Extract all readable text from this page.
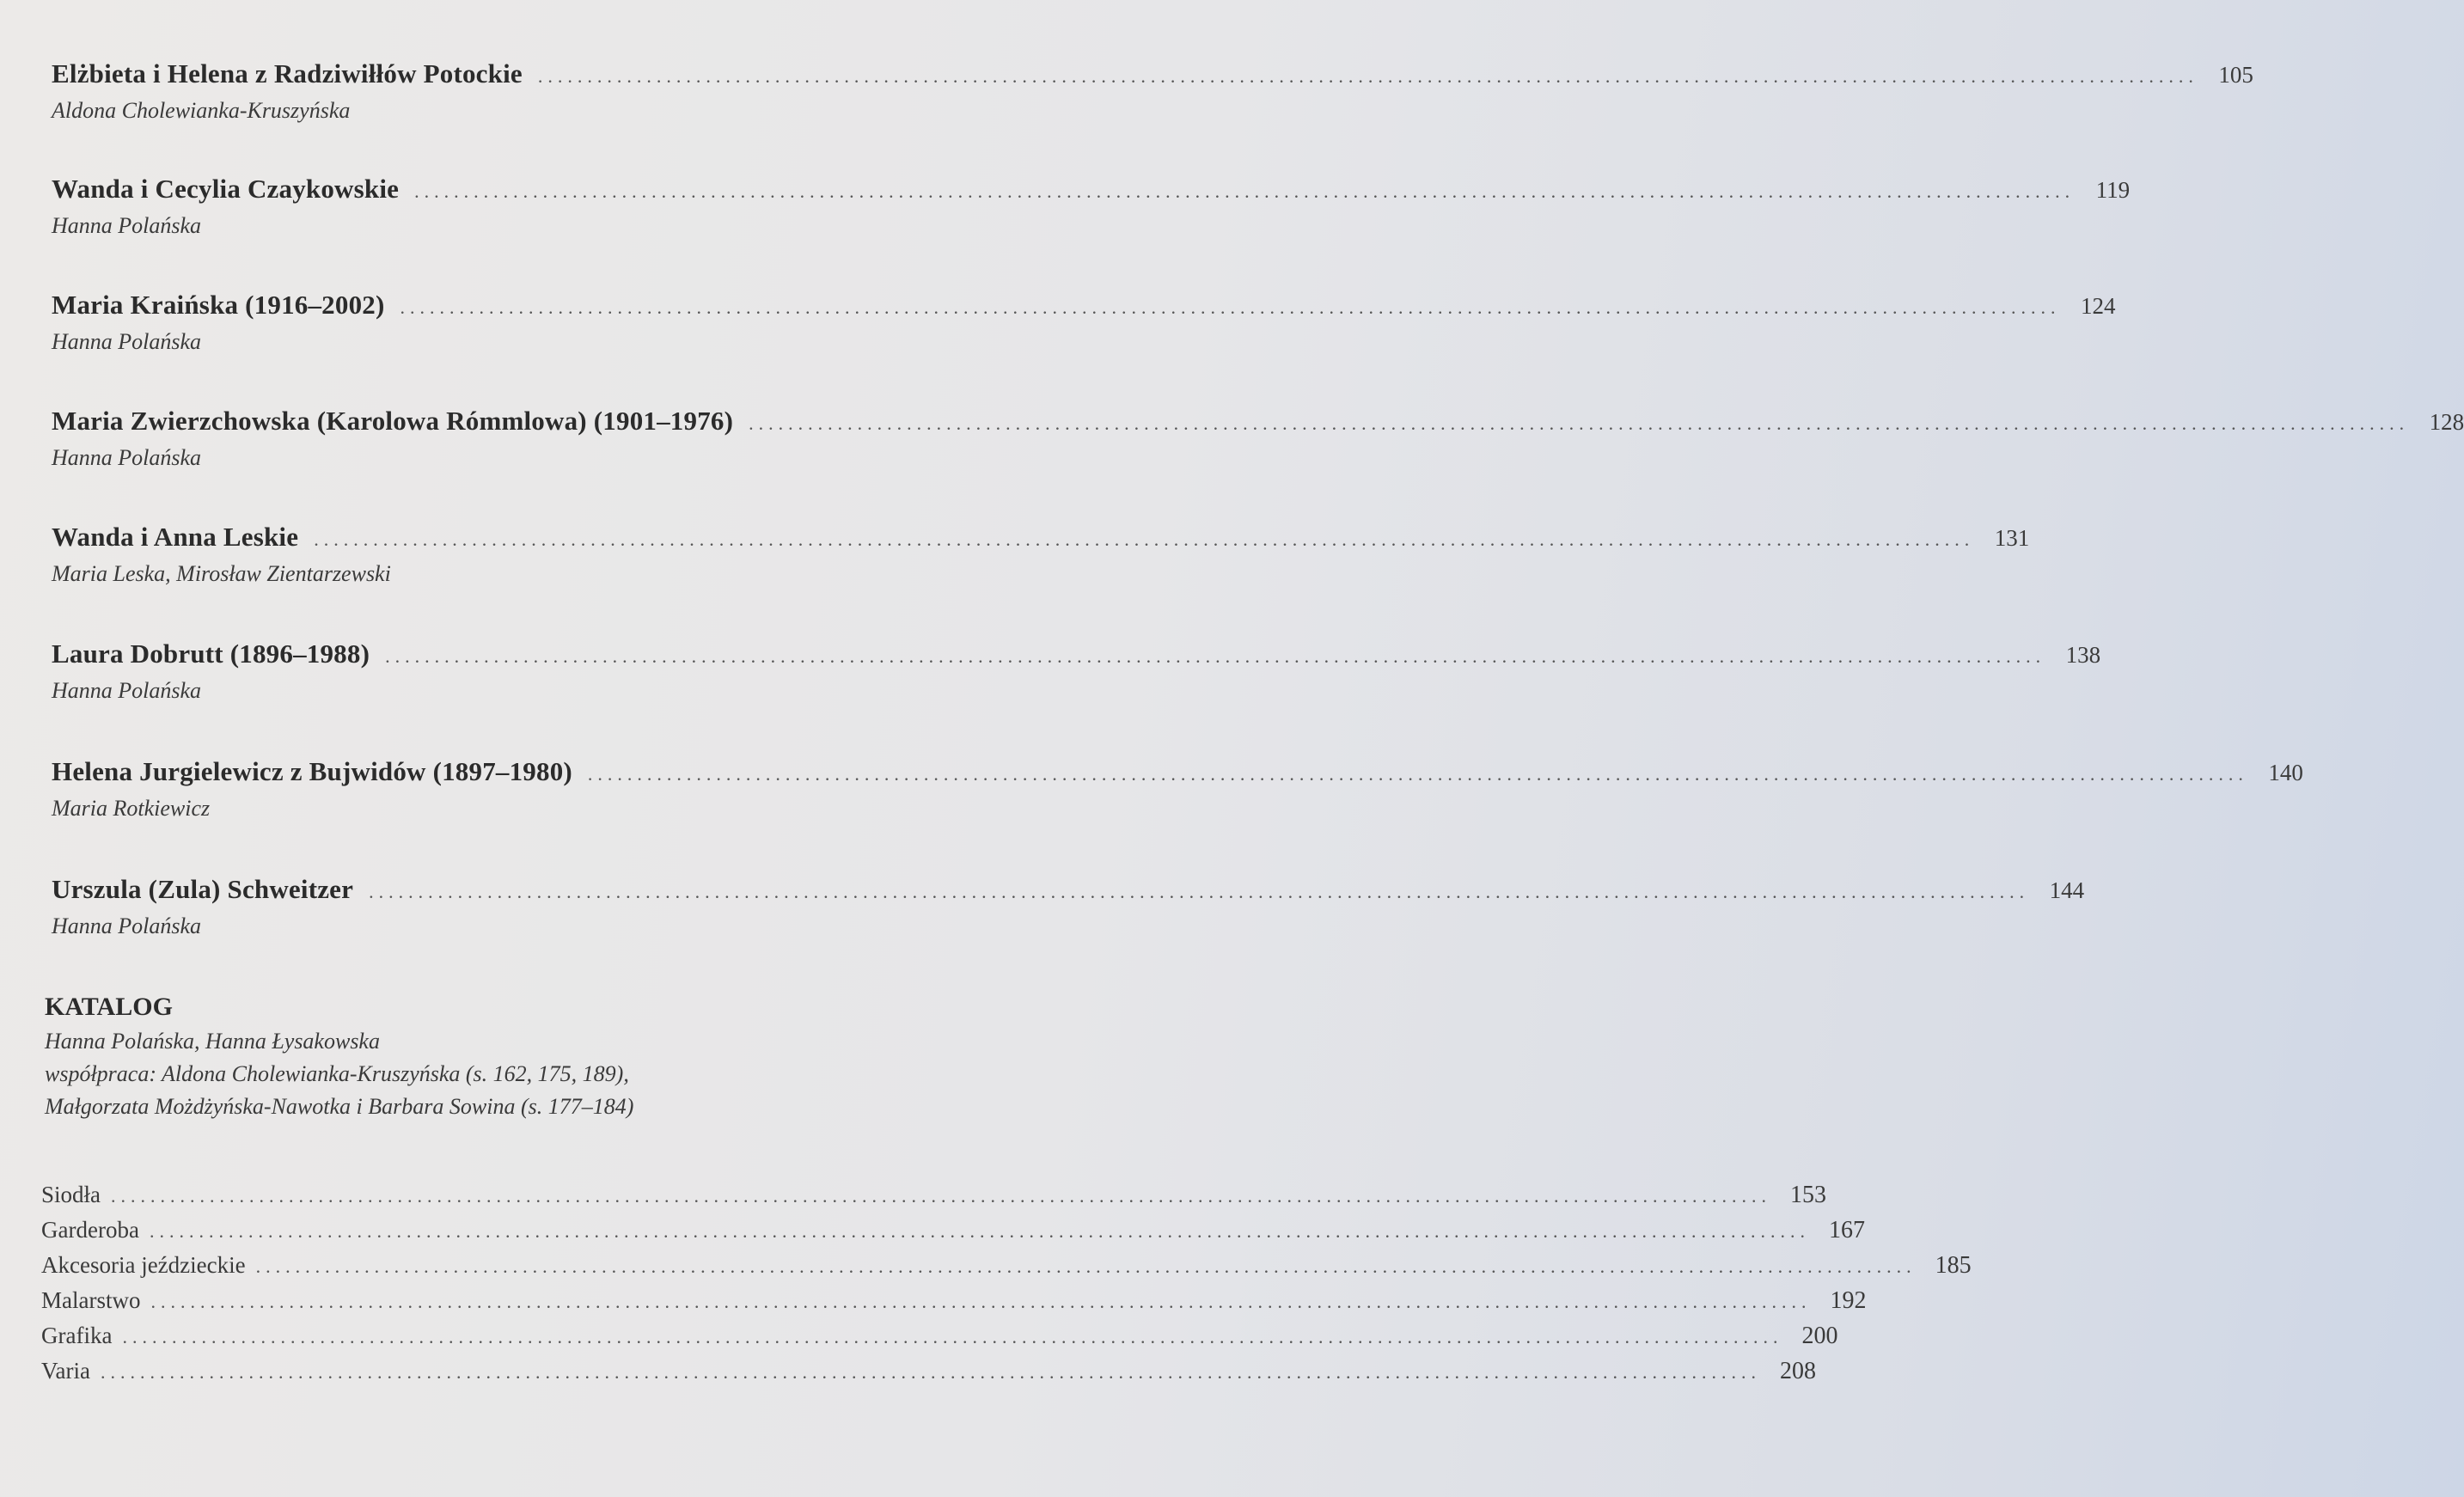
Elżbieta i Helena z Radziwiłłów Potockie ........................................................................................................................................................................ 105
Aldona Cholewianka-Kruszyńska
Wanda i Cecylia Czaykowskie ........................................................................................................................................................................ 119
Hanna Polańska
Maria Kraińska (1916–2002) ........................................................................................................................................................................ 124
Hanna Polańska
Maria Zwierzchowska (Karolowa Rómmlowa) (1901–1976) ........................................................................................................................................................................ 128
Hanna Polańska
Wanda i Anna Leskie ........................................................................................................................................................................ 131
Maria Leska, Mirosław Zientarzewski
Laura Dobrutt (1896–1988) ........................................................................................................................................................................ 138
Hanna Polańska
Helena Jurgielewicz z Bujwidów (1897–1980) ........................................................................................................................................................................ 140
Maria Rotkiewicz
Urszula (Zula) Schweitzer ........................................................................................................................................................................ 144
Hanna Polańska
KATALOG
Hanna Polańska, Hanna Łysakowska
współpraca: Aldona Cholewianka-Kruszyńska (s. 162, 175, 189),
Małgorzata Możdżyńska-Nawotka i Barbara Sowina (s. 177–184)
Siodła ........................................................................................................................................................................ 153
Garderoba ........................................................................................................................................................................ 167
Akcesoria jeździeckie ........................................................................................................................................................................ 185
Malarstwo ........................................................................................................................................................................ 192
Grafika ........................................................................................................................................................................ 200
Varia ........................................................................................................................................................................ 208
